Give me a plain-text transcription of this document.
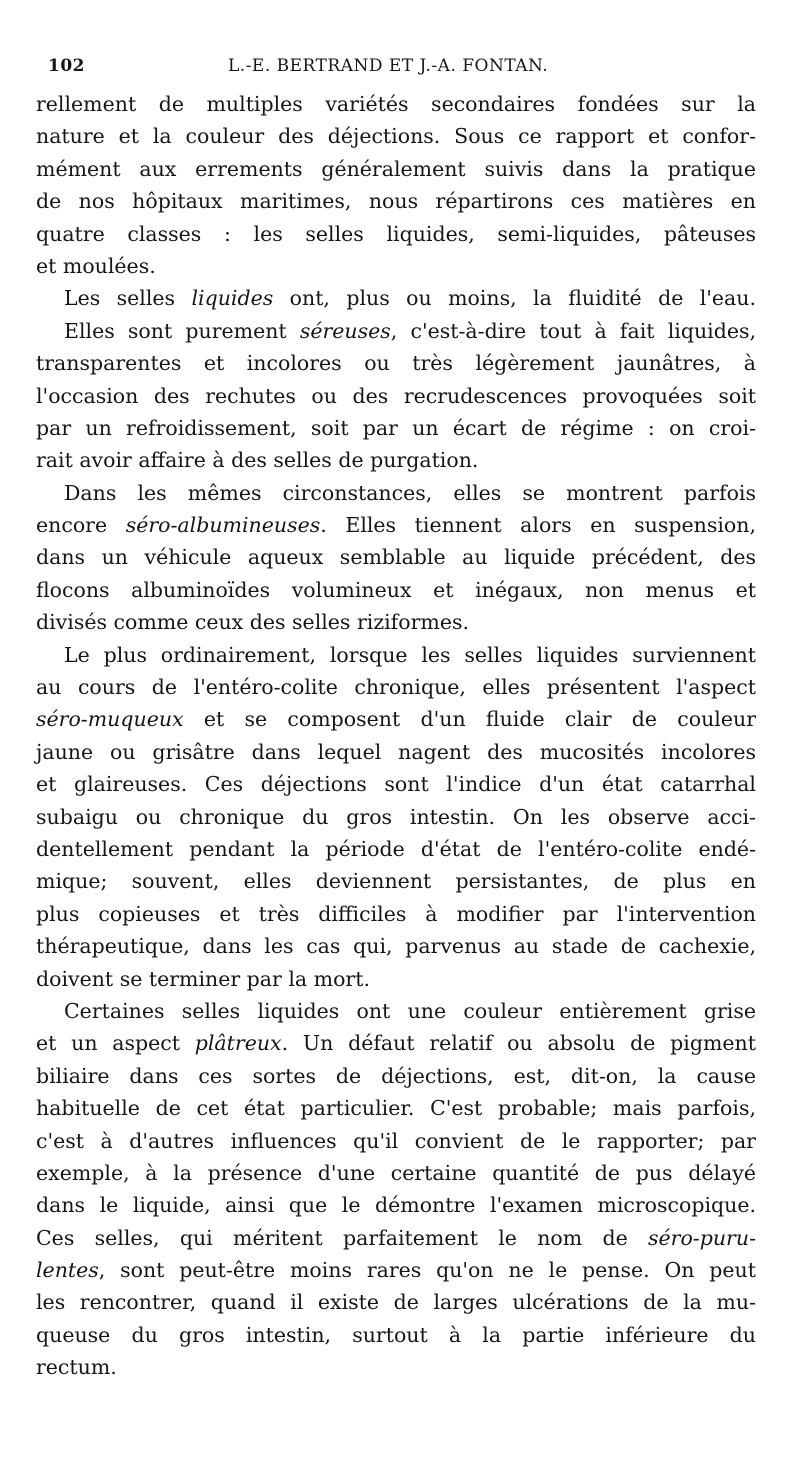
102	L.-E. BERTRAND ET J.-A. FONTAN.
rellement de multiples variétés secondaires fondées sur la
nature et la couleur des déjections. Sous ce rapport et confor-
mément aux errements généralement suivis dans la pratique
de nos hôpitaux maritimes, nous répartirons ces matières en
quatre classes : les selles liquides, semi-liquides, pâteuses
et moulées.
Les selles liquides ont, plus ou moins, la fluidité de l'eau.
Elles sont purement séreuses, c'est-à-dire tout à fait liquides,
transparentes et incolores ou très légèrement jaunâtres, à
l'occasion des rechutes ou des recrudescences provoquées soit
par un refroidissement, soit par un écart de régime : on croi-
rait avoir affaire à des selles de purgation.
Dans les mêmes circonstances, elles se montrent parfois
encore séro-albumineuses. Elles tiennent alors en suspension,
dans un véhicule aqueux semblable au liquide précédent, des
flocons albuminoïdes volumineux et inégaux, non menus et
divisés comme ceux des selles riziformes.
Le plus ordinairement, lorsque les selles liquides surviennent
au cours de l'entéro-colite chronique, elles présentent l'aspect
séro-muqueux et se composent d'un fluide clair de couleur
jaune ou grisâtre dans lequel nagent des mucosités incolores
et glaireuses. Ces déjections sont l'indice d'un état catarrhal
subaigu ou chronique du gros intestin. On les observe acci-
dentellement pendant la période d'état de l'entéro-colite endé-
mique; souvent, elles deviennent persistantes, de plus en
plus copieuses et très difficiles à modifier par l'intervention
thérapeutique, dans les cas qui, parvenus au stade de cachexie,
doivent se terminer par la mort.
Certaines selles liquides ont une couleur entièrement grise
et un aspect plâtreux. Un défaut relatif ou absolu de pigment
biliaire dans ces sortes de déjections, est, dit-on, la cause
habituelle de cet état particulier. C'est probable; mais parfois,
c'est à d'autres influences qu'il convient de le rapporter; par
exemple, à la présence d'une certaine quantité de pus délayé
dans le liquide, ainsi que le démontre l'examen microscopique.
Ces selles, qui méritent parfaitement le nom de séro-puru-
lentes, sont peut-être moins rares qu'on ne le pense. On peut
les rencontrer, quand il existe de larges ulcérations de la mu-
queuse du gros intestin, surtout à la partie inférieure du
rectum.
